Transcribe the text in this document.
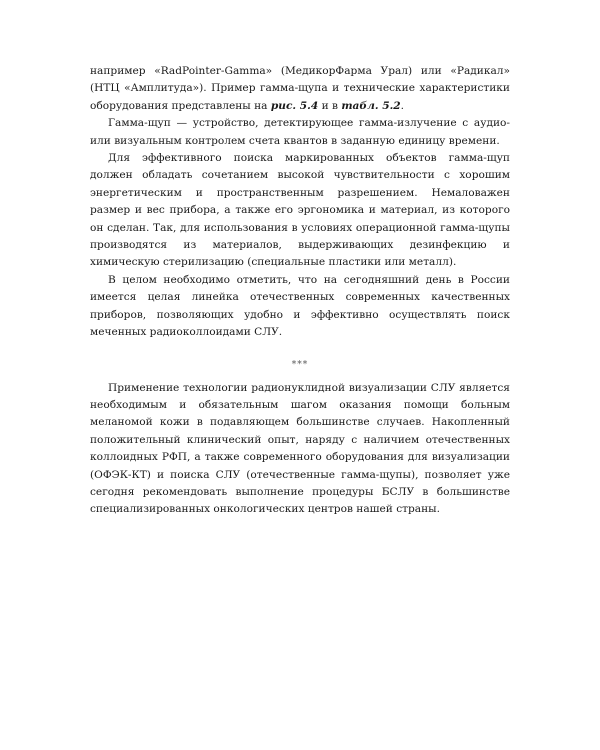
например «RadPointer-Gamma» (МедикорФарма Урал) или «Радикал» (НТЦ «Амплитуда»). Пример гамма-щупа и технические характеристики оборудования представлены на рис. 5.4 и в табл. 5.2.

Гамма-щуп — устройство, детектирующее гамма-излучение с аудио- или визуальным контролем счета квантов в заданную единицу времени.

Для эффективного поиска маркированных объектов гамма-щуп должен обладать сочетанием высокой чувствительности с хорошим энергетическим и пространственным разрешением. Немаловажен размер и вес прибора, а также его эргономика и материал, из которого он сделан. Так, для использования в условиях операционной гамма-щупы производятся из материалов, выдерживающих дезинфекцию и химическую стерилизацию (специальные пластики или металл).

В целом необходимо отметить, что на сегодняшний день в России имеется целая линейка отечественных современных качественных приборов, позволяющих удобно и эффективно осуществлять поиск меченных радиоколлоидами СЛУ.

***

Применение технологии радионуклидной визуализации СЛУ является необходимым и обязательным шагом оказания помощи больным меланомой кожи в подавляющем большинстве случаев. Накопленный положительный клинический опыт, наряду с наличием отечественных коллоидных РФП, а также современного оборудования для визуализации (ОФЭК-КТ) и поиска СЛУ (отечественные гамма-щупы), позволяет уже сегодня рекомендовать выполнение процедуры БСЛУ в большинстве специализированных онкологических центров нашей страны.
